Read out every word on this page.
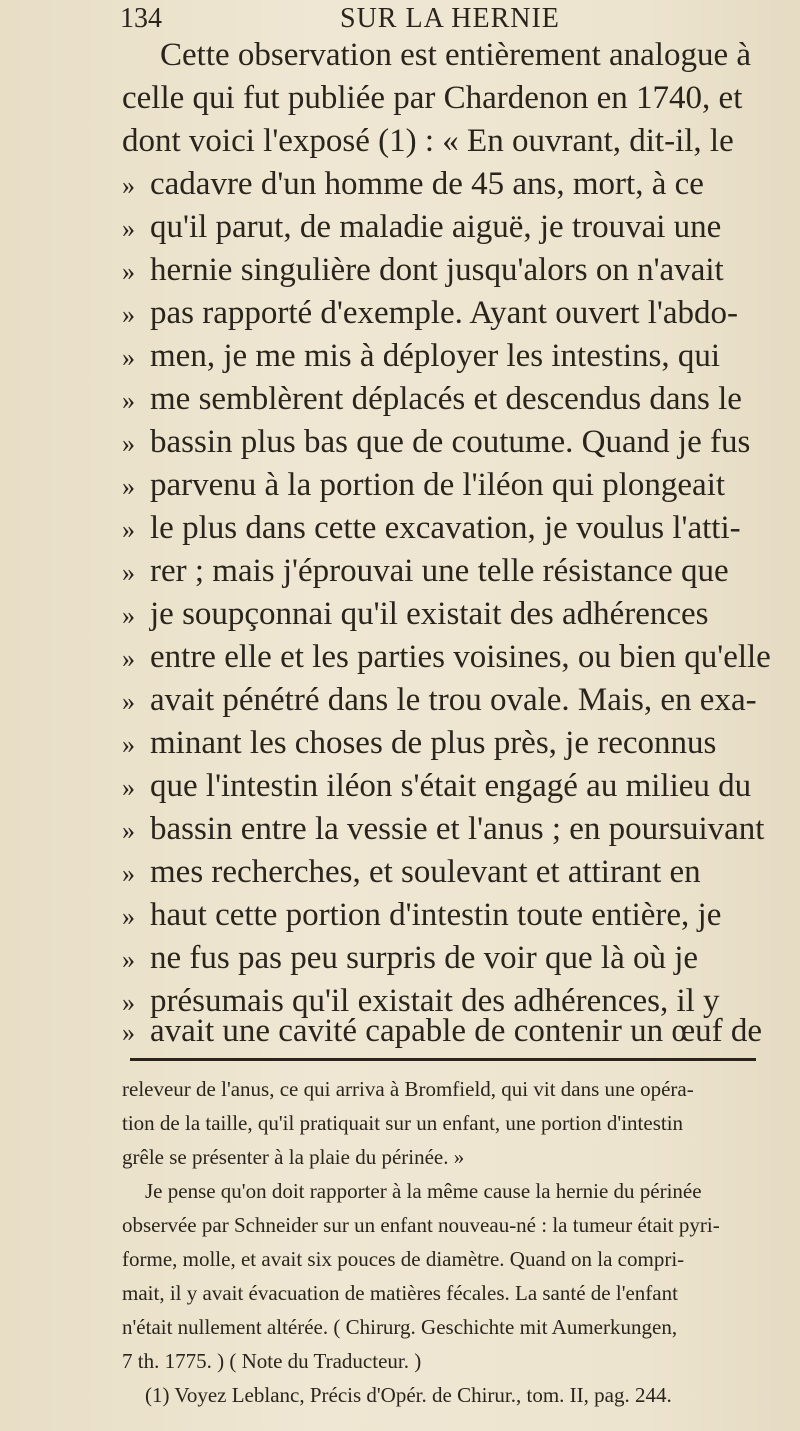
134	SUR LA HERNIE
Cette observation est entièrement analogue à
celle qui fut publiée par Chardenon en 1740, et
dont voici l'exposé (1) : « En ouvrant, dit-il, le
» cadavre d'un homme de 45 ans, mort, à ce
» qu'il parut, de maladie aiguë, je trouvai une
» hernie singulière dont jusqu'alors on n'avait
» pas rapporté d'exemple. Ayant ouvert l'abdo-
» men, je me mis à déployer les intestins, qui
» me semblèrent déplacés et descendus dans le
» bassin plus bas que de coutume. Quand je fus
» parvenu à la portion de l'iléon qui plongeait
» le plus dans cette excavation, je voulus l'atti-
» rer ; mais j'éprouvai une telle résistance que
» je soupçonnai qu'il existait des adhérences
» entre elle et les parties voisines, ou bien qu'elle
» avait pénétré dans le trou ovale. Mais, en exa-
» minant les choses de plus près, je reconnus
» que l'intestin iléon s'était engagé au milieu du
» bassin entre la vessie et l'anus ; en poursuivant
» mes recherches, et soulevant et attirant en
» haut cette portion d'intestin toute entière, je
» ne fus pas peu surpris de voir que là où je
» présumais qu'il existait des adhérences, il y
» avait une cavité capable de contenir un œuf de
releveur de l'anus, ce qui arriva à Bromfield, qui vit dans une opéra-
tion de la taille, qu'il pratiquait sur un enfant, une portion d'intestin
grêle se présenter à la plaie du périnée. »
Je pense qu'on doit rapporter à la même cause la hernie du périnée
observée par Schneider sur un enfant nouveau-né : la tumeur était pyri-
forme, molle, et avait six pouces de diamètre. Quand on la compri-
mait, il y avait évacuation de matières fécales. La santé de l'enfant
n'était nullement altérée. ( Chirurg. Geschichte mit Aumerkungen,
7 th. 1775. ) ( Note du Traducteur. )
(1) Voyez Leblanc, Précis d'Opér. de Chirur., tom. II, pag. 244.
